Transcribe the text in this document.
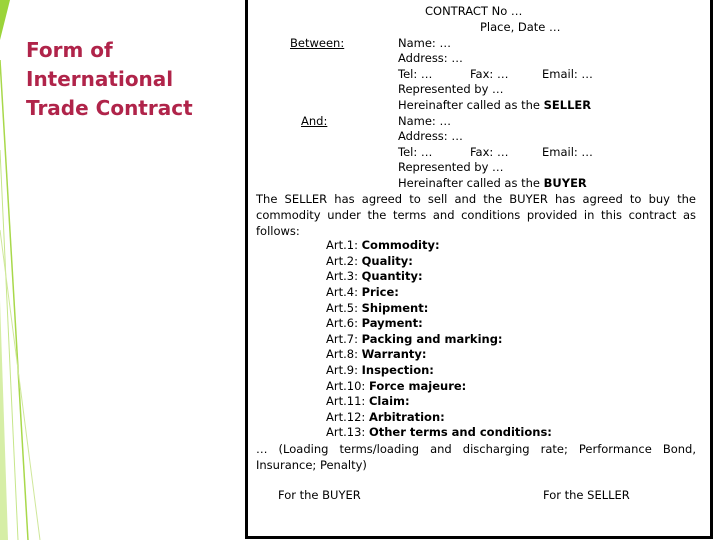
Form of International Trade Contract
CONTRACT No …
Place, Date …
Between:	Name: …
Address: …
Tel: …	Fax: …	Email: …
Represented by …
Hereinafter called as the SELLER
And:	Name: …
Address: …
Tel: …	Fax: …	Email: …
Represented by …
Hereinafter called as the BUYER
The SELLER has agreed to sell and the BUYER has agreed to buy the commodity under the terms and conditions provided in this contract as follows:
Art.1: Commodity:
Art.2: Quality:
Art.3: Quantity:
Art.4: Price:
Art.5: Shipment:
Art.6: Payment:
Art.7: Packing and marking:
Art.8: Warranty:
Art.9: Inspection:
Art.10: Force majeure:
Art.11: Claim:
Art.12: Arbitration:
Art.13: Other terms and conditions:
… (Loading terms/loading and discharging rate; Performance Bond, Insurance; Penalty)
For the BUYER	For the SELLER
